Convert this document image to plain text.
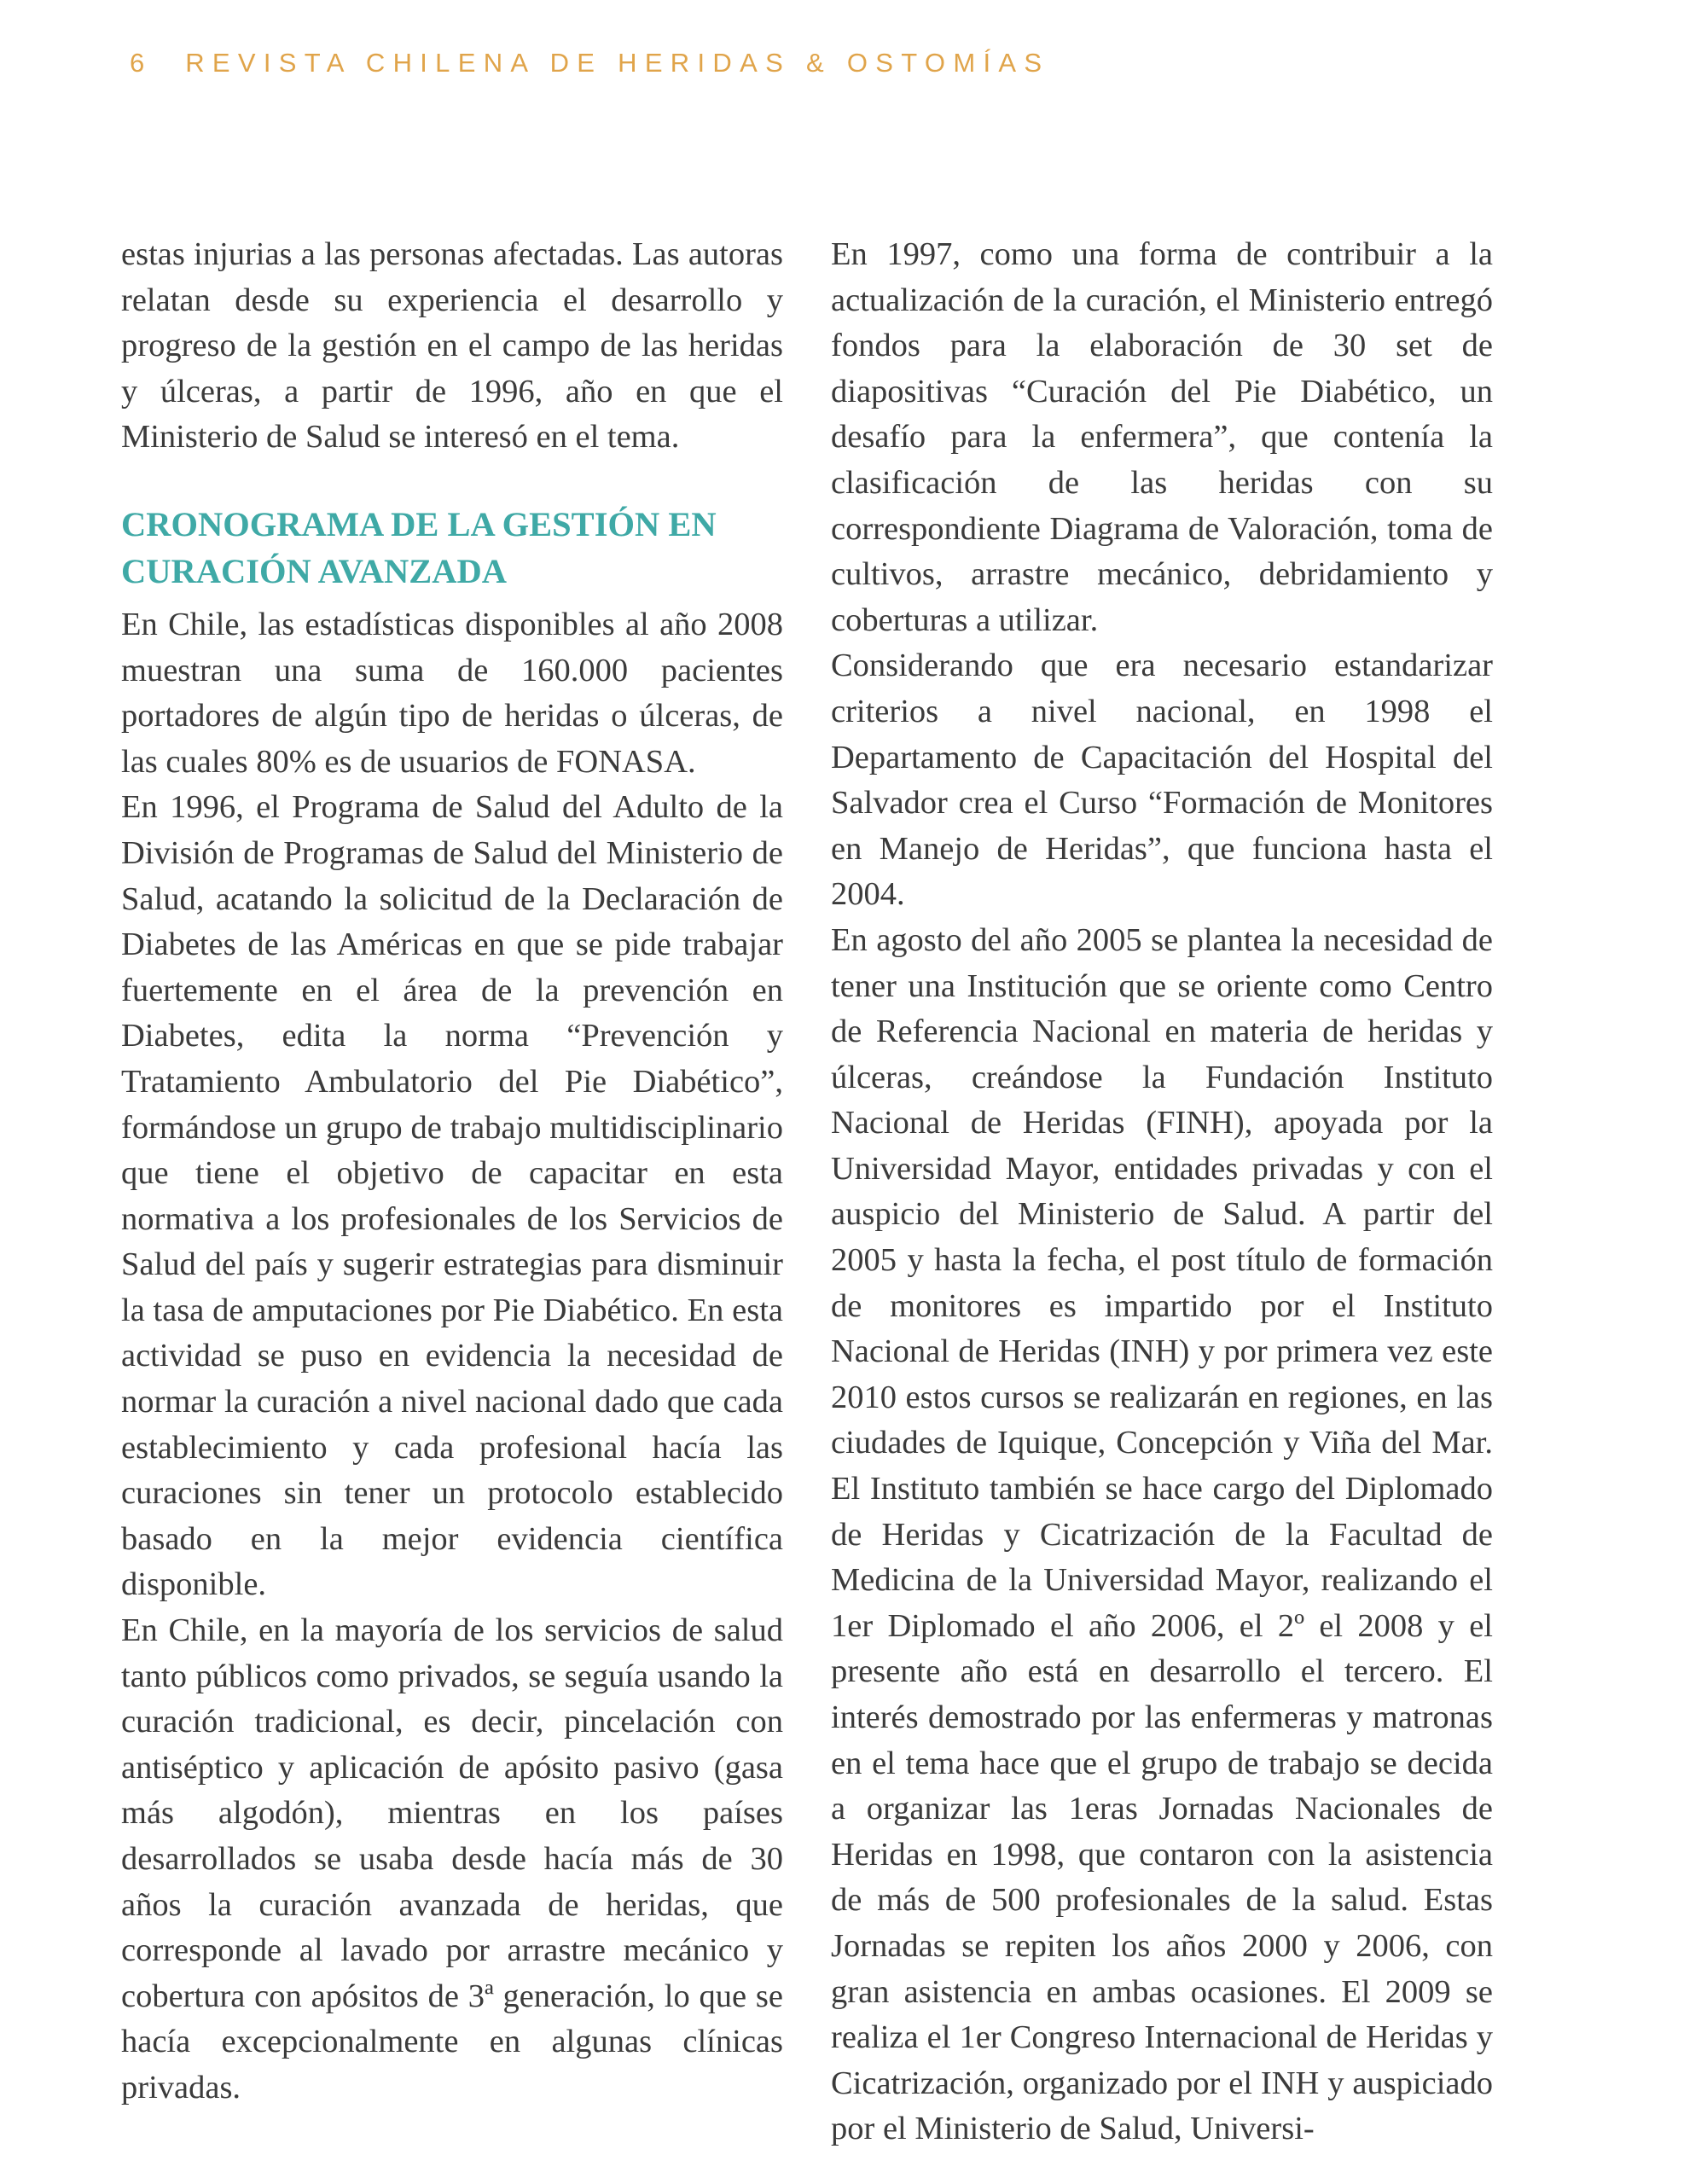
6 REVISTA CHILENA DE HERIDAS & OSTOMÍAS

estas injurias a las personas afectadas. Las autoras relatan desde su experiencia el desarrollo y progreso de la gestión en el campo de las heridas y úlceras, a partir de 1996, año en que el Ministerio de Salud se interesó en el tema.

CRONOGRAMA DE LA GESTIÓN EN
CURACIÓN AVANZADA

En Chile, las estadísticas disponibles al año 2008 muestran una suma de 160.000 pacientes portadores de algún tipo de heridas o úlceras, de las cuales 80% es de usuarios de FONASA.

En 1996, el Programa de Salud del Adulto de la División de Programas de Salud del Ministerio de Salud, acatando la solicitud de la Declaración de Diabetes de las Américas en que se pide trabajar fuertemente en el área de la prevención en Diabetes, edita la norma “Prevención y Tratamiento Ambulatorio del Pie Diabético”, formándose un grupo de trabajo multidisciplinario que tiene el objetivo de capacitar en esta normativa a los profesionales de los Servicios de Salud del país y sugerir estrategias para disminuir la tasa de amputaciones por Pie Diabético. En esta actividad se puso en evidencia la necesidad de normar la curación a nivel nacional dado que cada establecimiento y cada profesional hacía las curaciones sin tener un protocolo establecido basado en la mejor evidencia científica disponible.

En Chile, en la mayoría de los servicios de salud tanto públicos como privados, se seguía usando la curación tradicional, es decir, pincelación con antiséptico y aplicación de apósito pasivo (gasa más algodón), mientras en los países desarrollados se usaba desde hacía más de 30 años la curación avanzada de heridas, que corresponde al lavado por arrastre mecánico y cobertura con apósitos de 3ª generación, lo que se hacía excepcionalmente en algunas clínicas privadas.

En 1997, como una forma de contribuir a la actualización de la curación, el Ministerio entregó fondos para la elaboración de 30 set de diapositivas “Curación del Pie Diabético, un desafío para la enfermera”, que contenía la clasificación de las heridas con su correspondiente Diagrama de Valoración, toma de cultivos, arrastre mecánico, debridamiento y coberturas a utilizar.

Considerando que era necesario estandarizar criterios a nivel nacional, en 1998 el Departamento de Capacitación del Hospital del Salvador crea el Curso “Formación de Monitores en Manejo de Heridas”, que funciona hasta el 2004.

En agosto del año 2005 se plantea la necesidad de tener una Institución que se oriente como Centro de Referencia Nacional en materia de heridas y úlceras, creándose la Fundación Instituto Nacional de Heridas (FINH), apoyada por la Universidad Mayor, entidades privadas y con el auspicio del Ministerio de Salud. A partir del 2005 y hasta la fecha, el post título de formación de monitores es impartido por el Instituto Nacional de Heridas (INH) y por primera vez este 2010 estos cursos se realizarán en regiones, en las ciudades de Iquique, Concepción y Viña del Mar. El Instituto también se hace cargo del Diplomado de Heridas y Cicatrización de la Facultad de Medicina de la Universidad Mayor, realizando el 1er Diplomado el año 2006, el 2º el 2008 y el presente año está en desarrollo el tercero. El interés demostrado por las enfermeras y matronas en el tema hace que el grupo de trabajo se decida a organizar las 1eras Jornadas Nacionales de Heridas en 1998, que contaron con la asistencia de más de 500 profesionales de la salud. Estas Jornadas se repiten los años 2000 y 2006, con gran asistencia en ambas ocasiones. El 2009 se realiza el 1er Congreso Internacional de Heridas y Cicatrización, organizado por el INH y auspiciado por el Ministerio de Salud, Universi-
